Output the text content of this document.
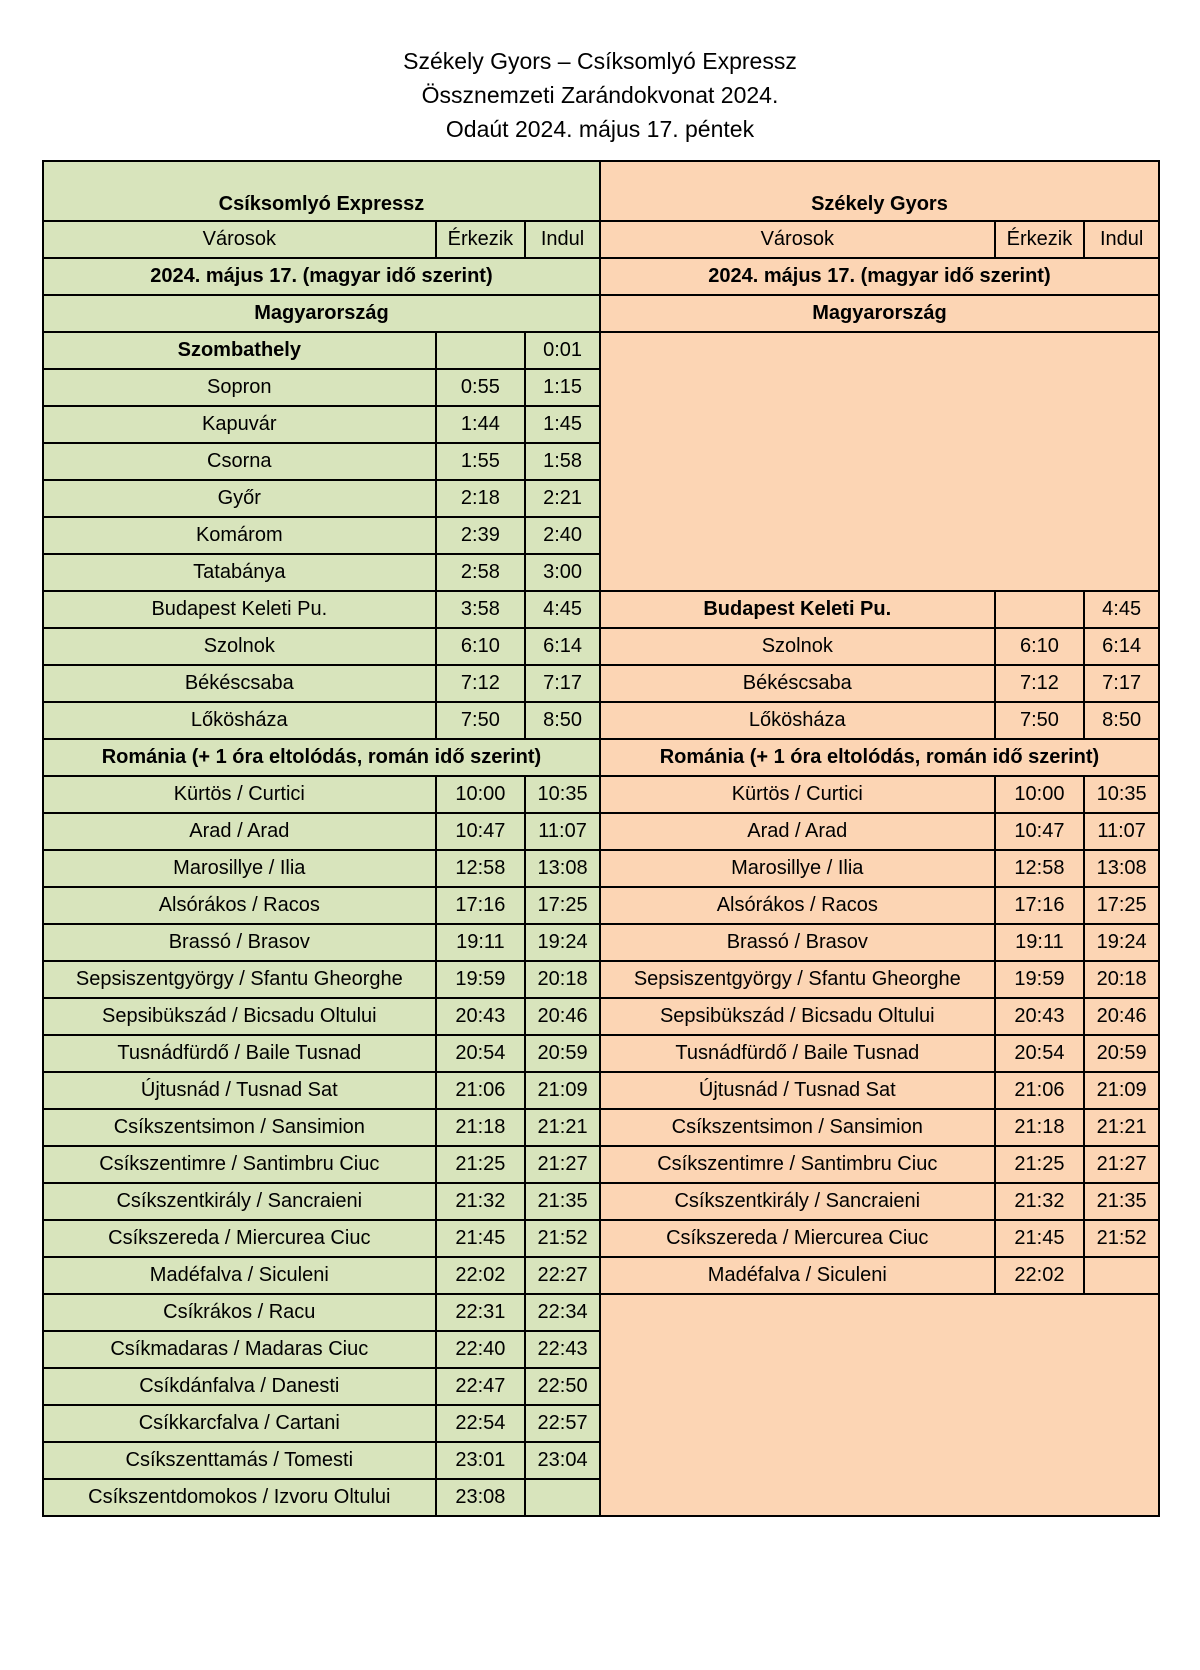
Székely Gyors – Csíksomlyó Expressz
Össznemzeti Zarándokvonat 2024.
Odaút 2024. május 17. péntek
Csíksomlyó Expressz			Székely Gyors		
Városok	Érkezik	Indul	Városok	Érkezik	Indul
2024. május 17. (magyar idő szerint)			2024. május 17. (magyar idő szerint)		
Magyarország			Magyarország		
Szombathely		0:01			
Sopron	0:55	1:15			
Kapuvár	1:44	1:45			
Csorna	1:55	1:58			
Győr	2:18	2:21			
Komárom	2:39	2:40			
Tatabánya	2:58	3:00			
Budapest Keleti Pu.	3:58	4:45	Budapest Keleti Pu.		4:45
Szolnok	6:10	6:14	Szolnok	6:10	6:14
Békéscsaba	7:12	7:17	Békéscsaba	7:12	7:17
Lőkösháza	7:50	8:50	Lőkösháza	7:50	8:50
Románia (+ 1 óra eltolódás, román idő szerint)			Románia (+ 1 óra eltolódás, román idő szerint)		
Kürtös / Curtici	10:00	10:35	Kürtös / Curtici	10:00	10:35
Arad / Arad	10:47	11:07	Arad / Arad	10:47	11:07
Marosillye / Ilia	12:58	13:08	Marosillye / Ilia	12:58	13:08
Alsórákos / Racos	17:16	17:25	Alsórákos / Racos	17:16	17:25
Brassó / Brasov	19:11	19:24	Brassó / Brasov	19:11	19:24
Sepsiszentgyörgy / Sfantu Gheorghe	19:59	20:18	Sepsiszentgyörgy / Sfantu Gheorghe	19:59	20:18
Sepsibükszád / Bicsadu Oltului	20:43	20:46	Sepsibükszád / Bicsadu Oltului	20:43	20:46
Tusnádfürdő / Baile Tusnad	20:54	20:59	Tusnádfürdő / Baile Tusnad	20:54	20:59
Újtusnád / Tusnad Sat	21:06	21:09	Újtusnád / Tusnad Sat	21:06	21:09
Csíkszentsimon / Sansimion	21:18	21:21	Csíkszentsimon / Sansimion	21:18	21:21
Csíkszentimre / Santimbru Ciuc	21:25	21:27	Csíkszentimre / Santimbru Ciuc	21:25	21:27
Csíkszentkirály / Sancraieni	21:32	21:35	Csíkszentkirály / Sancraieni	21:32	21:35
Csíkszereda / Miercurea Ciuc	21:45	21:52	Csíkszereda / Miercurea Ciuc	21:45	21:52
Madéfalva / Siculeni	22:02	22:27	Madéfalva / Siculeni	22:02	
Csíkrákos / Racu	22:31	22:34			
Csíkmadaras / Madaras Ciuc	22:40	22:43			
Csíkdánfalva / Danesti	22:47	22:50			
Csíkkarcfalva / Cartani	22:54	22:57			
Csíkszenttamás / Tomesti	23:01	23:04			
Csíkszentdomokos / Izvoru Oltului	23:08				
